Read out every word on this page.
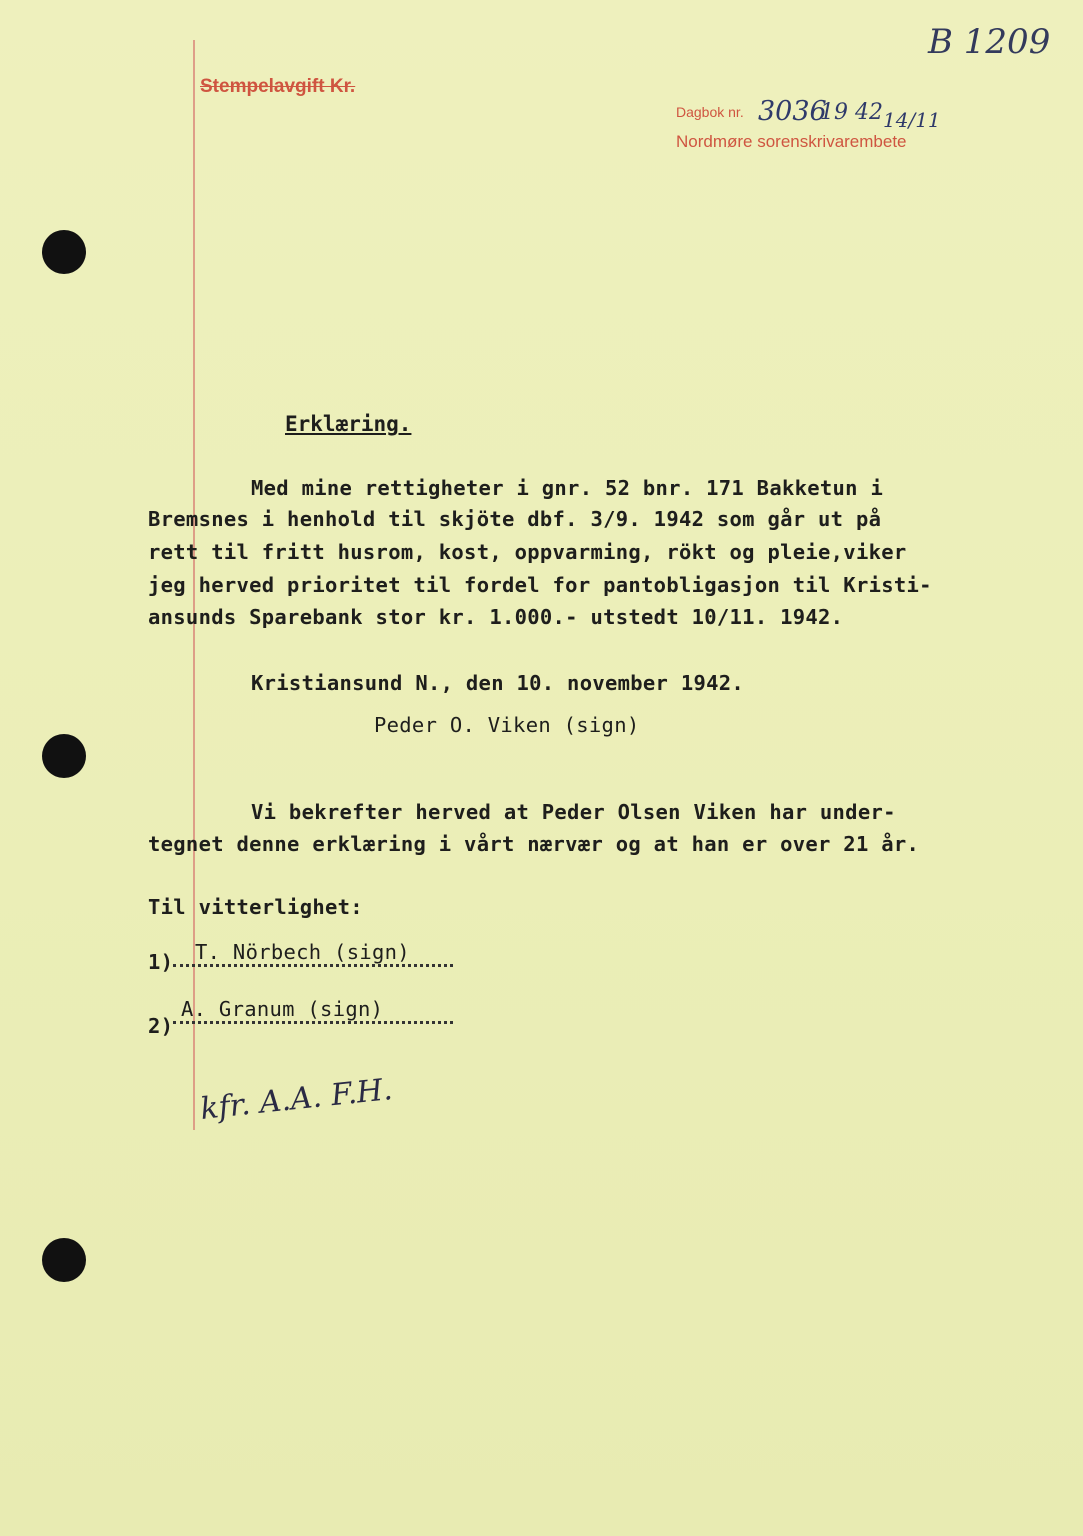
Stempelavgift Kr.
Dagbok nr. 3036
19 42 14/11
Nordmøre sorenskrivarembete
B 1209
Erklæring.
Med mine rettigheter i gnr. 52 bnr. 171 Bakketun i
Bremsnes i henhold til skjöte dbf. 3/9. 1942 som går ut på
rett til fritt husrom, kost, oppvarming, rökt og pleie,viker
jeg herved prioritet til fordel for pantobligasjon til Kristi-
ansunds Sparebank stor kr. 1.000.- utstedt 10/11. 1942.
Kristiansund N., den 10. november 1942.
Peder O. Viken (sign)
Vi bekrefter herved at Peder Olsen Viken har under-
tegnet denne erklæring i vårt nærvær og at han er over 21 år.
Til vitterlighet:
1)	T. Nörbech (sign)
2)
A. Granum (sign)
kfr. A.A. F.H.
